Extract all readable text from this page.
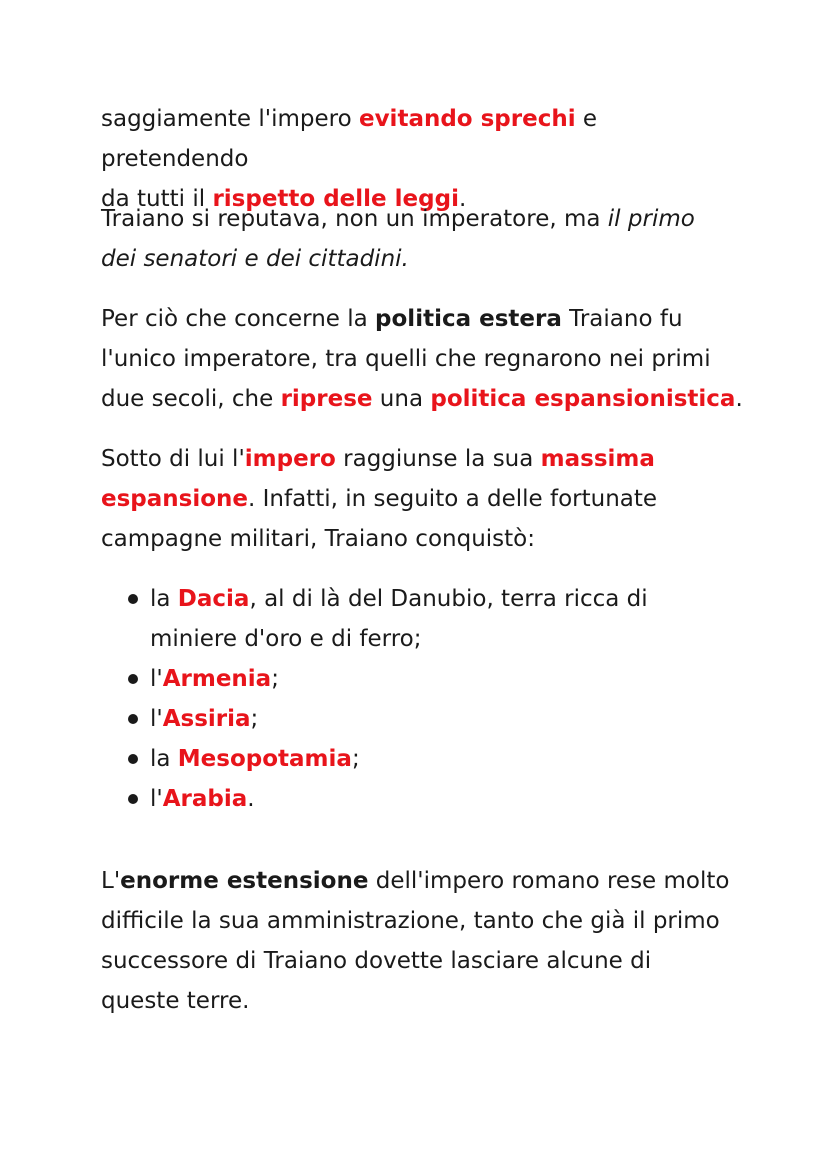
saggiamente l'impero evitando sprechi e pretendendo

da tutti il rispetto delle leggi.

Traiano si reputava, non un imperatore, ma il primo

dei senatori e dei cittadini.

Per ciò che concerne la politica estera Traiano fu

l'unico imperatore, tra quelli che regnarono nei primi

due secoli, che riprese una politica espansionistica.

Sotto di lui l'impero raggiunse la sua massima

espansione. Infatti, in seguito a delle fortunate

campagne militari, Traiano conquistò:

la Dacia, al di là del Danubio, terra ricca di
miniere d'oro e di ferro;
l'Armenia;
l'Assiria;
la Mesopotamia;
l'Arabia.

L'enorme estensione dell'impero romano rese molto

difficile la sua amministrazione, tanto che già il primo

successore di Traiano dovette lasciare alcune di

queste terre.
